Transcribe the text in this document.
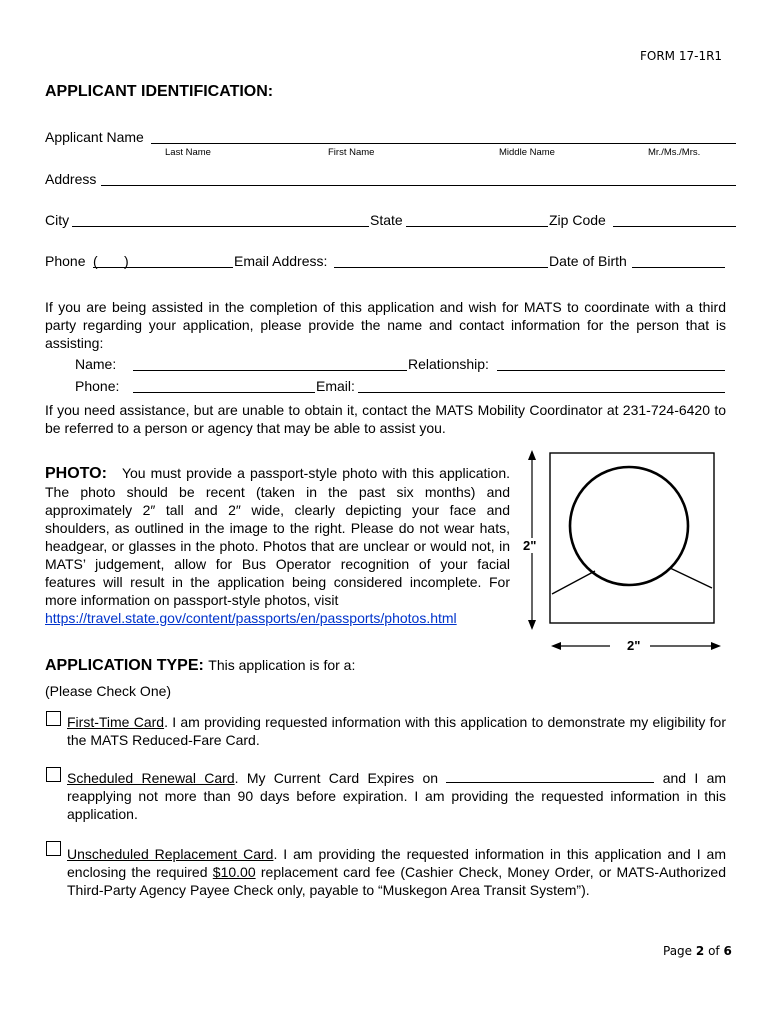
FORM 17-1R1
APPLICANT IDENTIFICATION:
Applicant Name
Last Name	First Name	Middle Name	Mr./Ms./Mrs.
Address
City	State	Zip Code
Phone ( )	Email Address:	Date of Birth
If you are being assisted in the completion of this application and wish for MATS to coordinate with a third party regarding your application, please provide the name and contact information for the person that is assisting:
Name:	Relationship:
Phone:	Email:
If you need assistance, but are unable to obtain it, contact the MATS Mobility Coordinator at 231-724-6420 to be referred to a person or agency that may be able to assist you.
PHOTO: You must provide a passport-style photo with this application. The photo should be recent (taken in the past six months) and approximately 2″ tall and 2″ wide, clearly depicting your face and shoulders, as outlined in the image to the right. Please do not wear hats, headgear, or glasses in the photo. Photos that are unclear or would not, in MATS’ judgement, allow for Bus Operator recognition of your facial features will result in the application being considered incomplete. For more information on passport-style photos, visit
https://travel.state.gov/content/passports/en/passports/photos.html
2"
2"
APPLICATION TYPE: This application is for a:
(Please Check One)
First-Time Card. I am providing requested information with this application to demonstrate my eligibility for the MATS Reduced-Fare Card.
Scheduled Renewal Card. My Current Card Expires on	and I am reapplying not more than 90 days before expiration. I am providing the requested information in this application.
Unscheduled Replacement Card. I am providing the requested information in this application and I am enclosing the required $10.00 replacement card fee (Cashier Check, Money Order, or MATS-Authorized Third-Party Agency Payee Check only, payable to “Muskegon Area Transit System”).
Page 2 of 6
